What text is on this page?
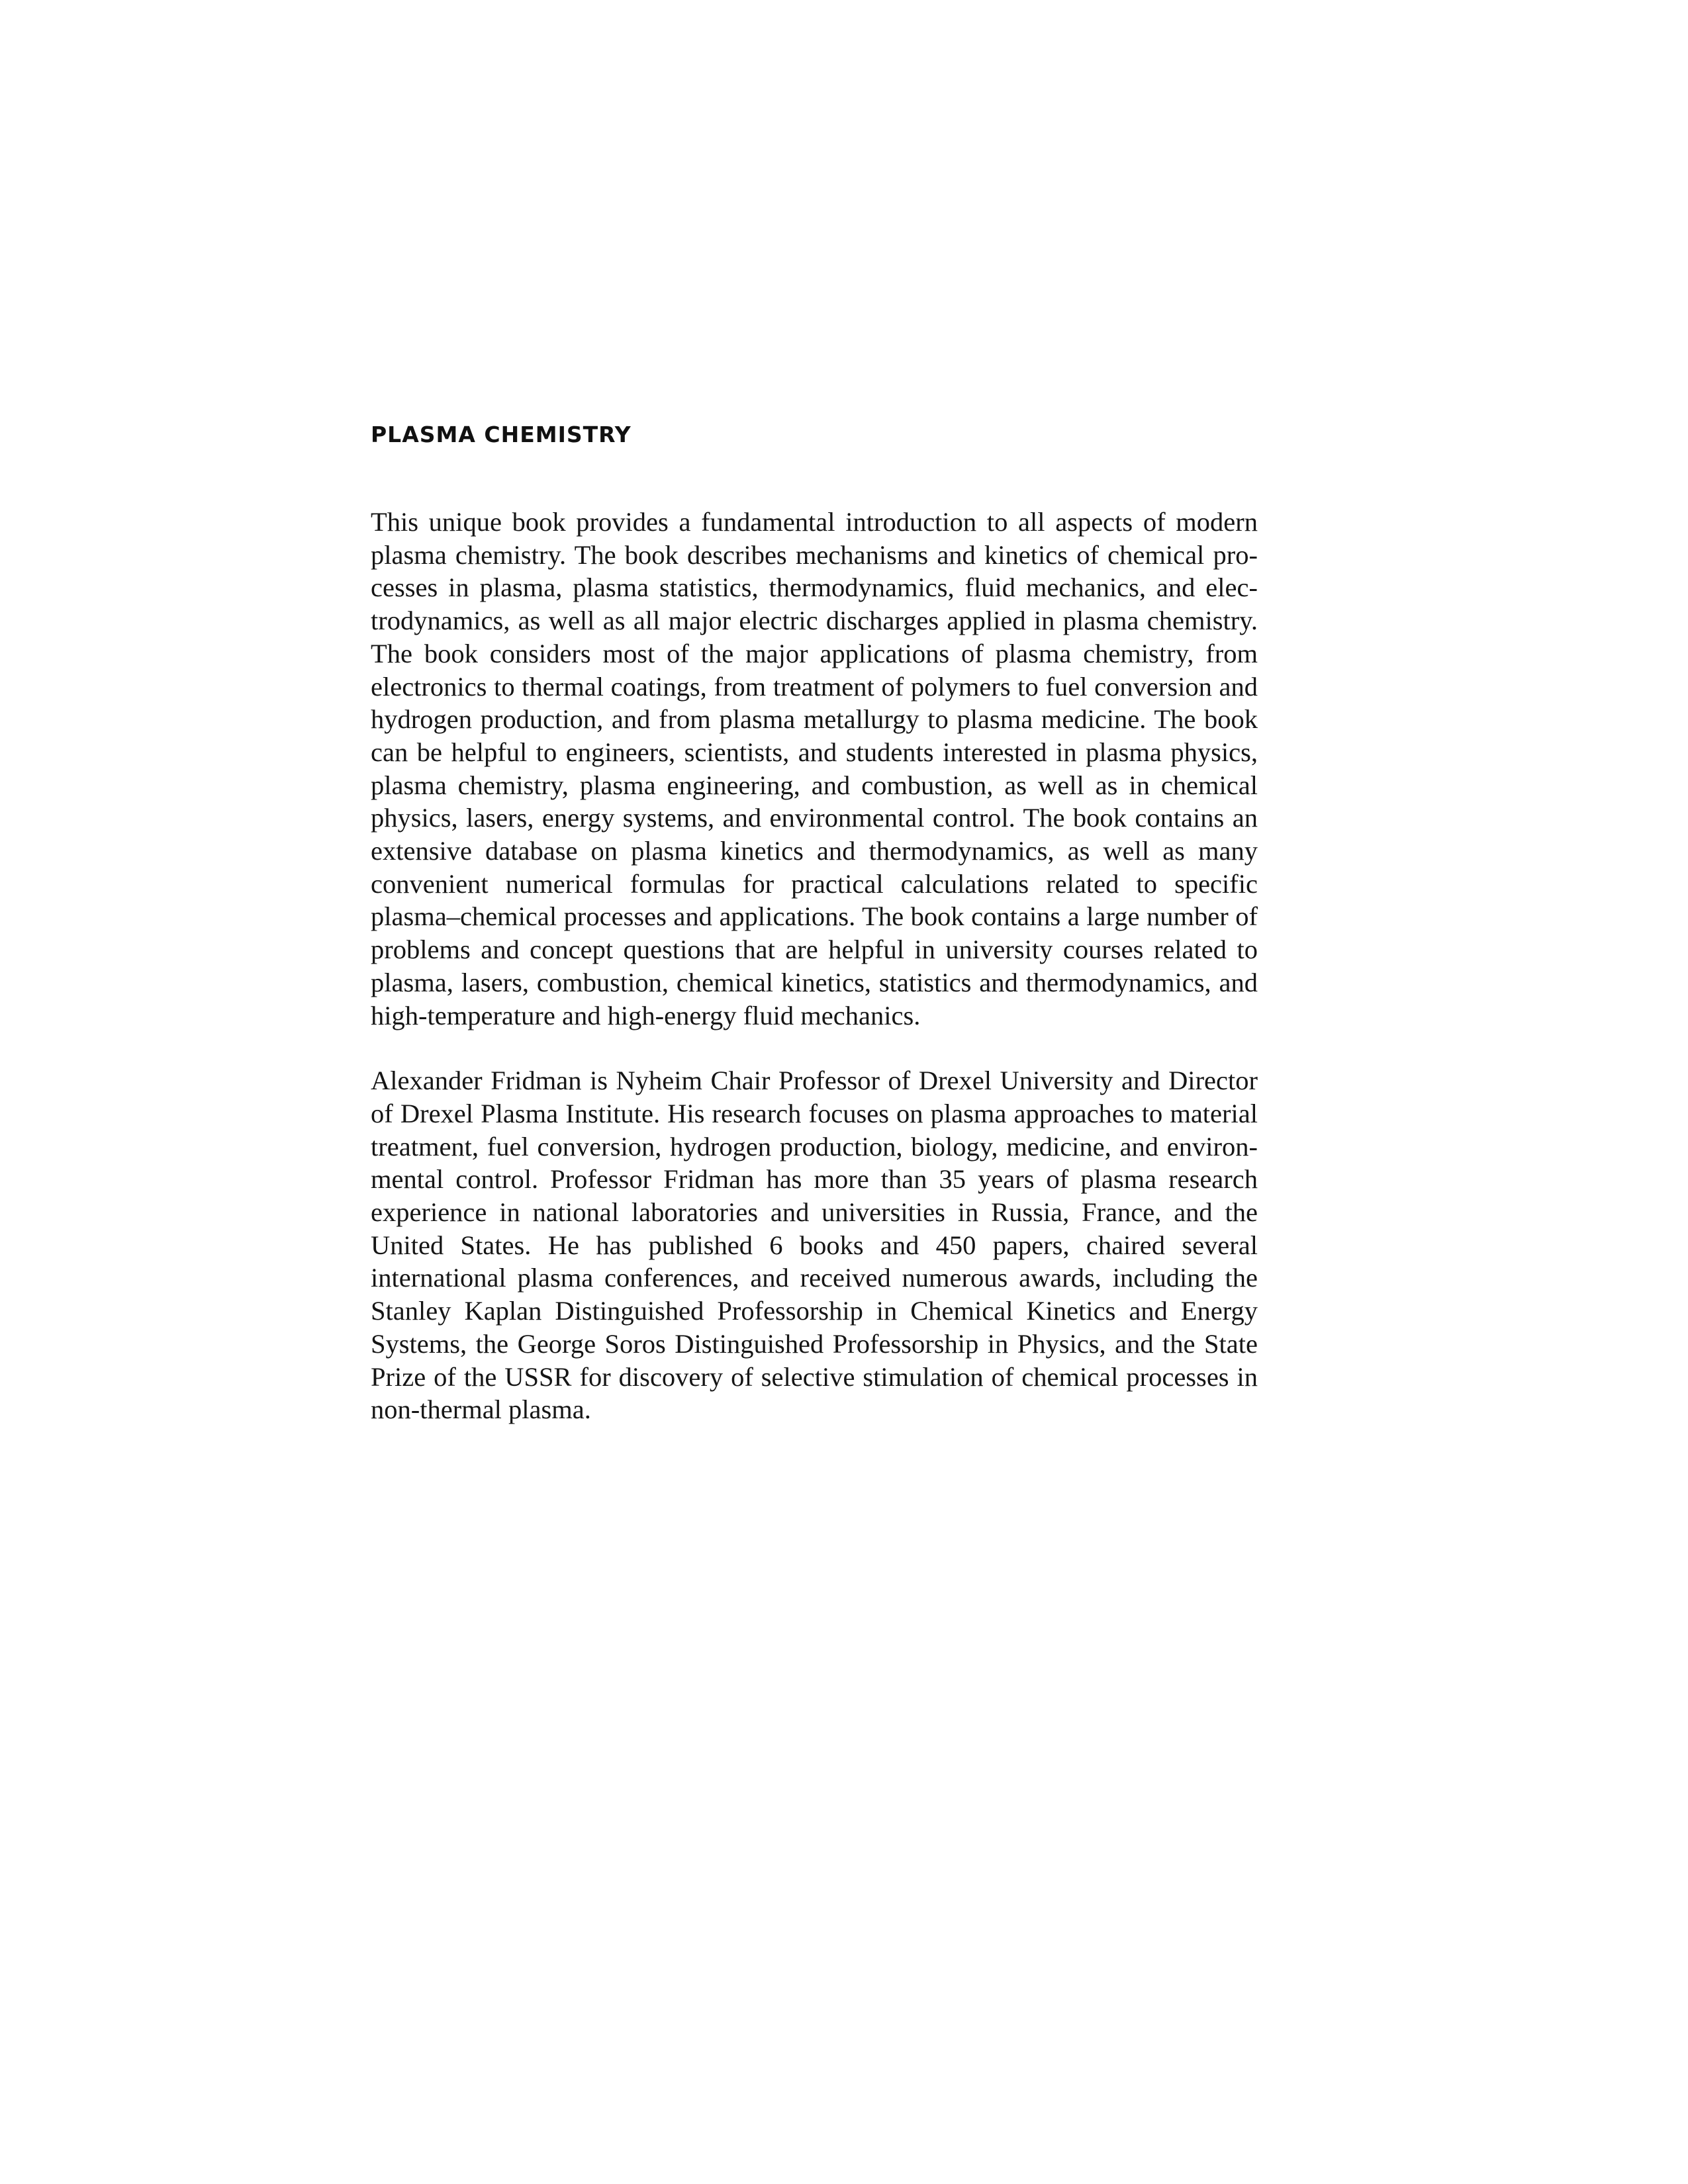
PLASMA CHEMISTRY

This unique book provides a fundamental introduction to all aspects of modern plasma chemistry. The book describes mechanisms and kinetics of chemical processes in plasma, plasma statistics, thermodynamics, fluid mechanics, and electrodynamics, as well as all major electric discharges applied in plasma chemistry. The book considers most of the major applications of plasma chemistry, from electronics to thermal coatings, from treatment of polymers to fuel conversion and hydrogen production, and from plasma metallurgy to plasma medicine. The book can be helpful to engineers, scientists, and students interested in plasma physics, plasma chemistry, plasma engineering, and combustion, as well as in chemical physics, lasers, energy systems, and environmental control. The book contains an extensive database on plasma kinetics and thermodynamics, as well as many convenient numerical formulas for practical calculations related to specific plasma–chemical processes and applications. The book contains a large number of problems and concept questions that are helpful in university courses related to plasma, lasers, combustion, chemical kinetics, statistics and thermodynamics, and high-temperature and high-energy fluid mechanics.

Alexander Fridman is Nyheim Chair Professor of Drexel University and Director of Drexel Plasma Institute. His research focuses on plasma approaches to material treatment, fuel conversion, hydrogen production, biology, medicine, and environmental control. Professor Fridman has more than 35 years of plasma research experience in national laboratories and universities in Russia, France, and the United States. He has published 6 books and 450 papers, chaired several international plasma conferences, and received numerous awards, including the Stanley Kaplan Distinguished Professorship in Chemical Kinetics and Energy Systems, the George Soros Distinguished Professorship in Physics, and the State Prize of the USSR for discovery of selective stimulation of chemical processes in non-thermal plasma.
